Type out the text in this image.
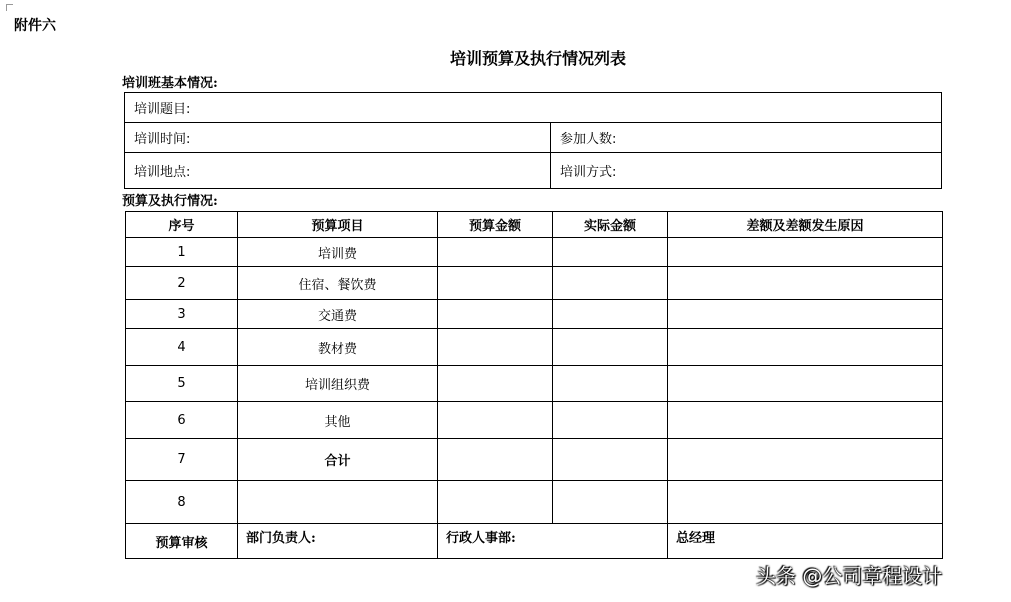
附件六
培训预算及执行情况列表
培训班基本情况:
培训题目:	
培训时间:	参加人数:
培训地点:	培训方式:
预算及执行情况:
序号	预算项目	预算金额	实际金额	差额及差额发生原因
1	培训费			
2	住宿、餐饮费			
3	交通费			
4	教材费			
5	培训组织费			
6	其他			
7	合计			
8				
预算审核	部门负责人:	行政人事部:		总经理
头条 @公司章程设计
